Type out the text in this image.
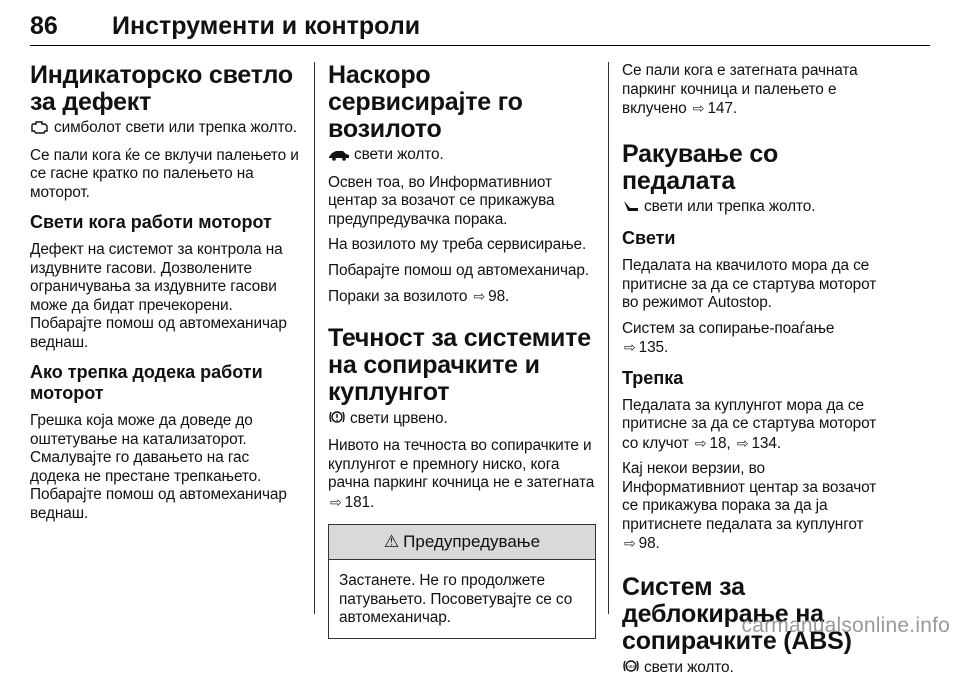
86	Инструменти и контроли
Индикаторско светло за дефект

симболот свети или трепка жолто.

Се пали кога ќе се вклучи палењето и се гасне кратко по палењето на моторот.

Свети кога работи моторот

Дефект на системот за контрола на издувните гасови. Дозволените ограничувања за издувните гасови може да бидат пречекорени. Побарајте помош од автомеханичар веднаш.

Ако трепка додека работи моторот

Грешка која може да доведе до оштетување на катализаторот. Смалувајте го давањето на гас додека не престане трепкањето. Побарајте помош од автомеханичар веднаш.

Наскоро сервисирајте го возилото

свети жолто.

Освен тоа, во Информативниот центар за возачот се прикажува предупредувачка порака.

На возилото му треба сервисирање.

Побарајте помош од автомеханичар.

Пораки за возилото ⇨ 98.

Течност за системите на сопирачките и куплунгот

свети црвено.

Нивото на течноста во сопирачките и куплунгот е премногу ниско, кога рачна паркинг кочница не е затегната ⇨ 181.

⚠ Предупредување

Застанете. Не го продолжете патувањето. Посоветувајте се со автомеханичар.

Се пали кога е затегната рачната паркинг кочница и палењето е вклучено ⇨ 147.

Ракување со педалата

свети или трепка жолто.

Свети

Педалата на квачилото мора да се притисне за да се стартува моторот во режимот Autostop.

Систем за сопирање-поаѓање
⇨ 135.

Трепка

Педалата за куплунгот мора да се притисне за да се стартува моторот со клучот ⇨ 18, ⇨ 134.

Кај некои верзии, во Информативниот центар за возачот се прикажува порака за да ја притиснете педалата за куплунгот ⇨ 98.

Систем за деблокирање на сопирачките (ABS)

ABS свети жолто.

carmanualsonline.info
